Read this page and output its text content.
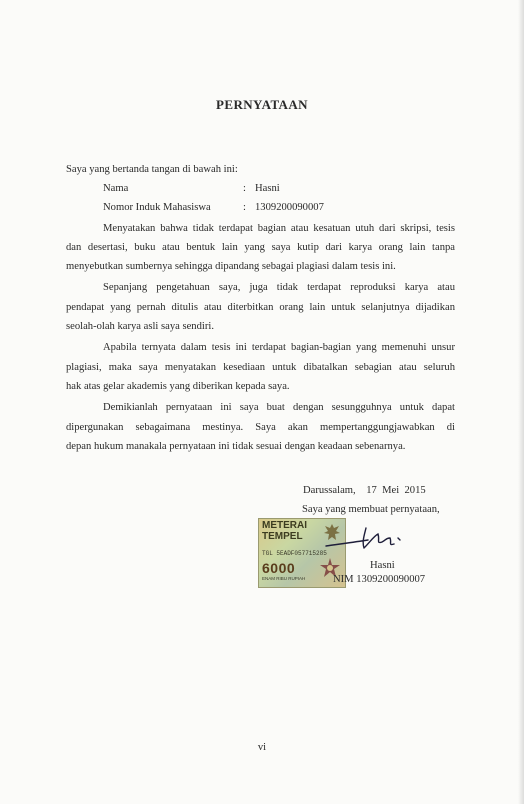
PERNYATAAN
Saya yang bertanda tangan di bawah ini:
Nama	: Hasni
Nomor Induk Mahasiswa	: 1309200090007
Menyatakan bahwa tidak terdapat bagian atau kesatuan utuh dari skripsi, tesis
dan desertasi, buku atau bentuk lain yang saya kutip dari karya orang lain tanpa
menyebutkan sumbernya sehingga dipandang sebagai plagiasi dalam tesis ini.
Sepanjang pengetahuan saya, juga tidak terdapat reproduksi karya atau
pendapat yang pernah ditulis atau diterbitkan orang lain untuk selanjutnya dijadikan
seolah-olah karya asli saya sendiri.
Apabila ternyata dalam tesis ini terdapat bagian-bagian yang memenuhi unsur
plagiasi, maka saya menyatakan kesediaan untuk dibatalkan sebagian atau seluruh
hak atas gelar akademis yang diberikan kepada saya.
Demikianlah pernyataan ini saya buat dengan sesungguhnya untuk dapat
dipergunakan sebagaimana mestinya. Saya akan mempertanggungjawabkan di
depan hukum manakala pernyataan ini tidak sesuai dengan keadaan sebenarnya.
Darussalam,    17  Mei  2015
Saya yang membuat pernyataan,
METERAI
TEMPEL
TGL 5EADF057715285
6000
ENAM RIBU RUPIAH
Hasni
NIM 1309200090007
vi
